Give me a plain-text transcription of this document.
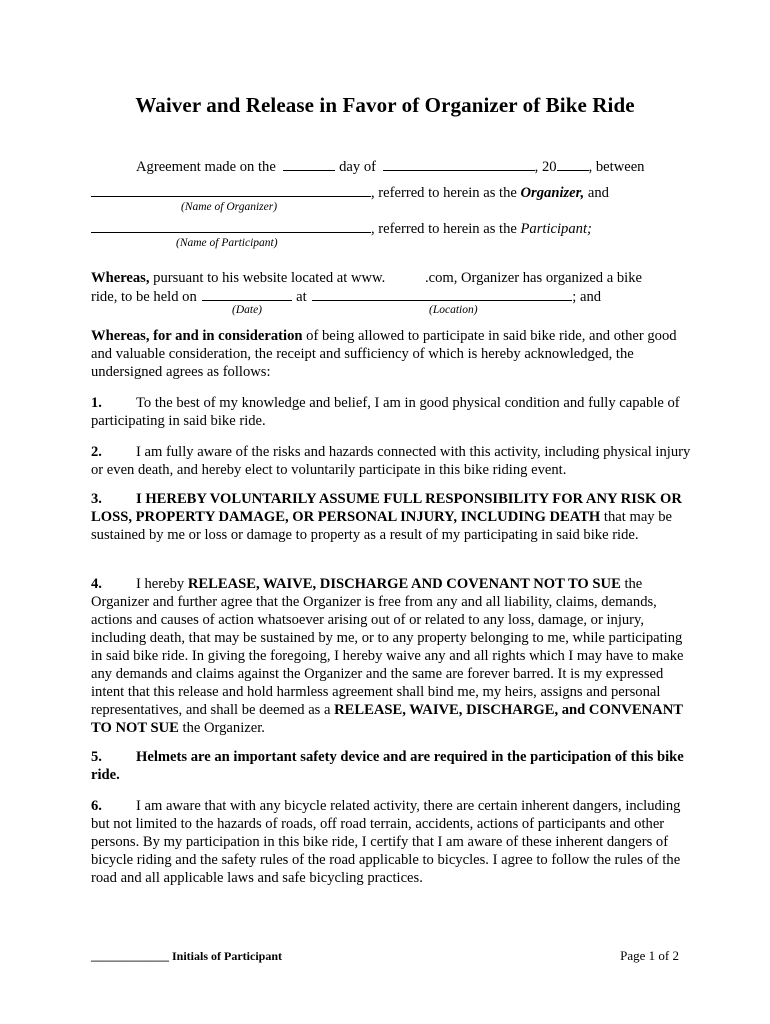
Waiver and Release in Favor of Organizer of Bike Ride
Agreement made on the	day of	, 20 , between
, referred to herein as the Organizer, and
(Name of Organizer)
, referred to herein as the Participant;
(Name of Participant)
Whereas, pursuant to his website located at www.	.com, Organizer has organized a bike
ride, to be held on	at	; and
(Date)	(Location)
Whereas, for and in consideration of being allowed to participate in said bike ride, and other good and valuable consideration, the receipt and sufficiency of which is hereby acknowledged, the undersigned agrees as follows:
1. To the best of my knowledge and belief, I am in good physical condition and fully capable of participating in said bike ride.
2. I am fully aware of the risks and hazards connected with this activity, including physical injury or even death, and hereby elect to voluntarily participate in this bike riding event.
3. I HEREBY VOLUNTARILY ASSUME FULL RESPONSIBILITY FOR ANY RISK OR LOSS, PROPERTY DAMAGE, OR PERSONAL INJURY, INCLUDING DEATH that may be sustained by me or loss or damage to property as a result of my participating in said bike ride.
4. I hereby RELEASE, WAIVE, DISCHARGE AND COVENANT NOT TO SUE the Organizer and further agree that the Organizer is free from any and all liability, claims, demands, actions and causes of action whatsoever arising out of or related to any loss, damage, or injury, including death, that may be sustained by me, or to any property belonging to me, while participating in said bike ride. In giving the foregoing, I hereby waive any and all rights which I may have to make any demands and claims against the Organizer and the same are forever barred. It is my expressed intent that this release and hold harmless agreement shall bind me, my heirs, assigns and personal representatives, and shall be deemed as a RELEASE, WAIVE, DISCHARGE, and CONVENANT TO NOT SUE the Organizer.
5. Helmets are an important safety device and are required in the participation of this bike ride.
6. I am aware that with any bicycle related activity, there are certain inherent dangers, including but not limited to the hazards of roads, off road terrain, accidents, actions of participants and other persons. By my participation in this bike ride, I certify that I am aware of these inherent dangers of bicycle riding and the safety rules of the road applicable to bicycles. I agree to follow the rules of the road and all applicable laws and safe bicycling practices.
_____________ Initials of Participant	Page 1 of 2
